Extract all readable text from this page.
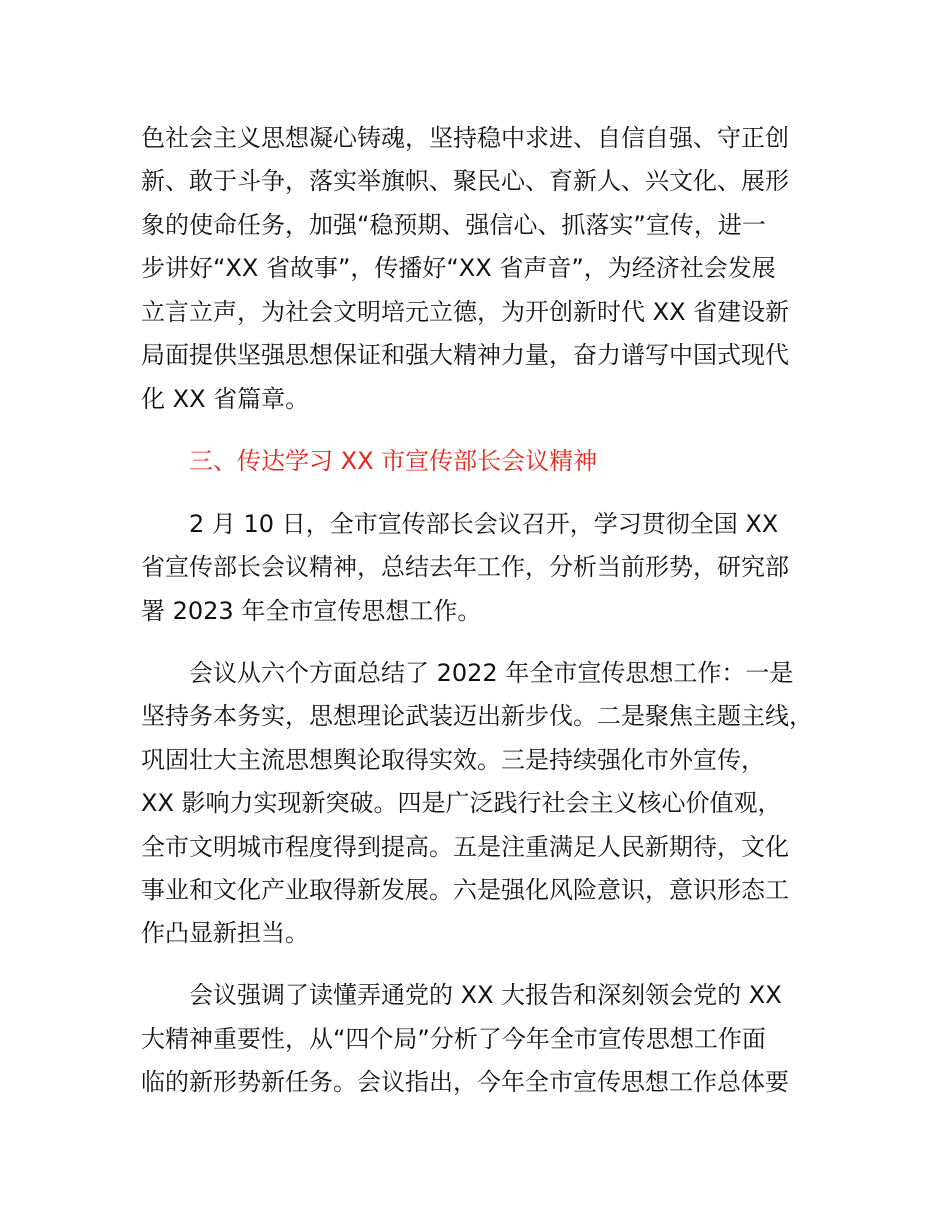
色社会主义思想凝心铸魂，坚持稳中求进、自信自强、守正创

新、敢于斗争，落实举旗帜、聚民心、育新人、兴文化、展形

象的使命任务，加强“稳预期、强信心、抓落实”宣传，进一

步讲好“XX 省故事”，传播好“XX 省声音”，为经济社会发展

立言立声，为社会文明培元立德，为开创新时代 XX 省建设新

局面提供坚强思想保证和强大精神力量，奋力谱写中国式现代

化 XX 省篇章。

三、传达学习 XX 市宣传部长会议精神

2 月 10 日，全市宣传部长会议召开，学习贯彻全国 XX

省宣传部长会议精神，总结去年工作，分析当前形势，研究部

署 2023 年全市宣传思想工作。

会议从六个方面总结了 2022 年全市宣传思想工作：一是

坚持务本务实，思想理论武装迈出新步伐。二是聚焦主题主线，

巩固壮大主流思想舆论取得实效。三是持续强化市外宣传，

XX 影响力实现新突破。四是广泛践行社会主义核心价值观，

全市文明城市程度得到提高。五是注重满足人民新期待，文化

事业和文化产业取得新发展。六是强化风险意识，意识形态工

作凸显新担当。

会议强调了读懂弄通党的 XX 大报告和深刻领会党的 XX

大精神重要性，从“四个局”分析了今年全市宣传思想工作面

临的新形势新任务。会议指出，今年全市宣传思想工作总体要
